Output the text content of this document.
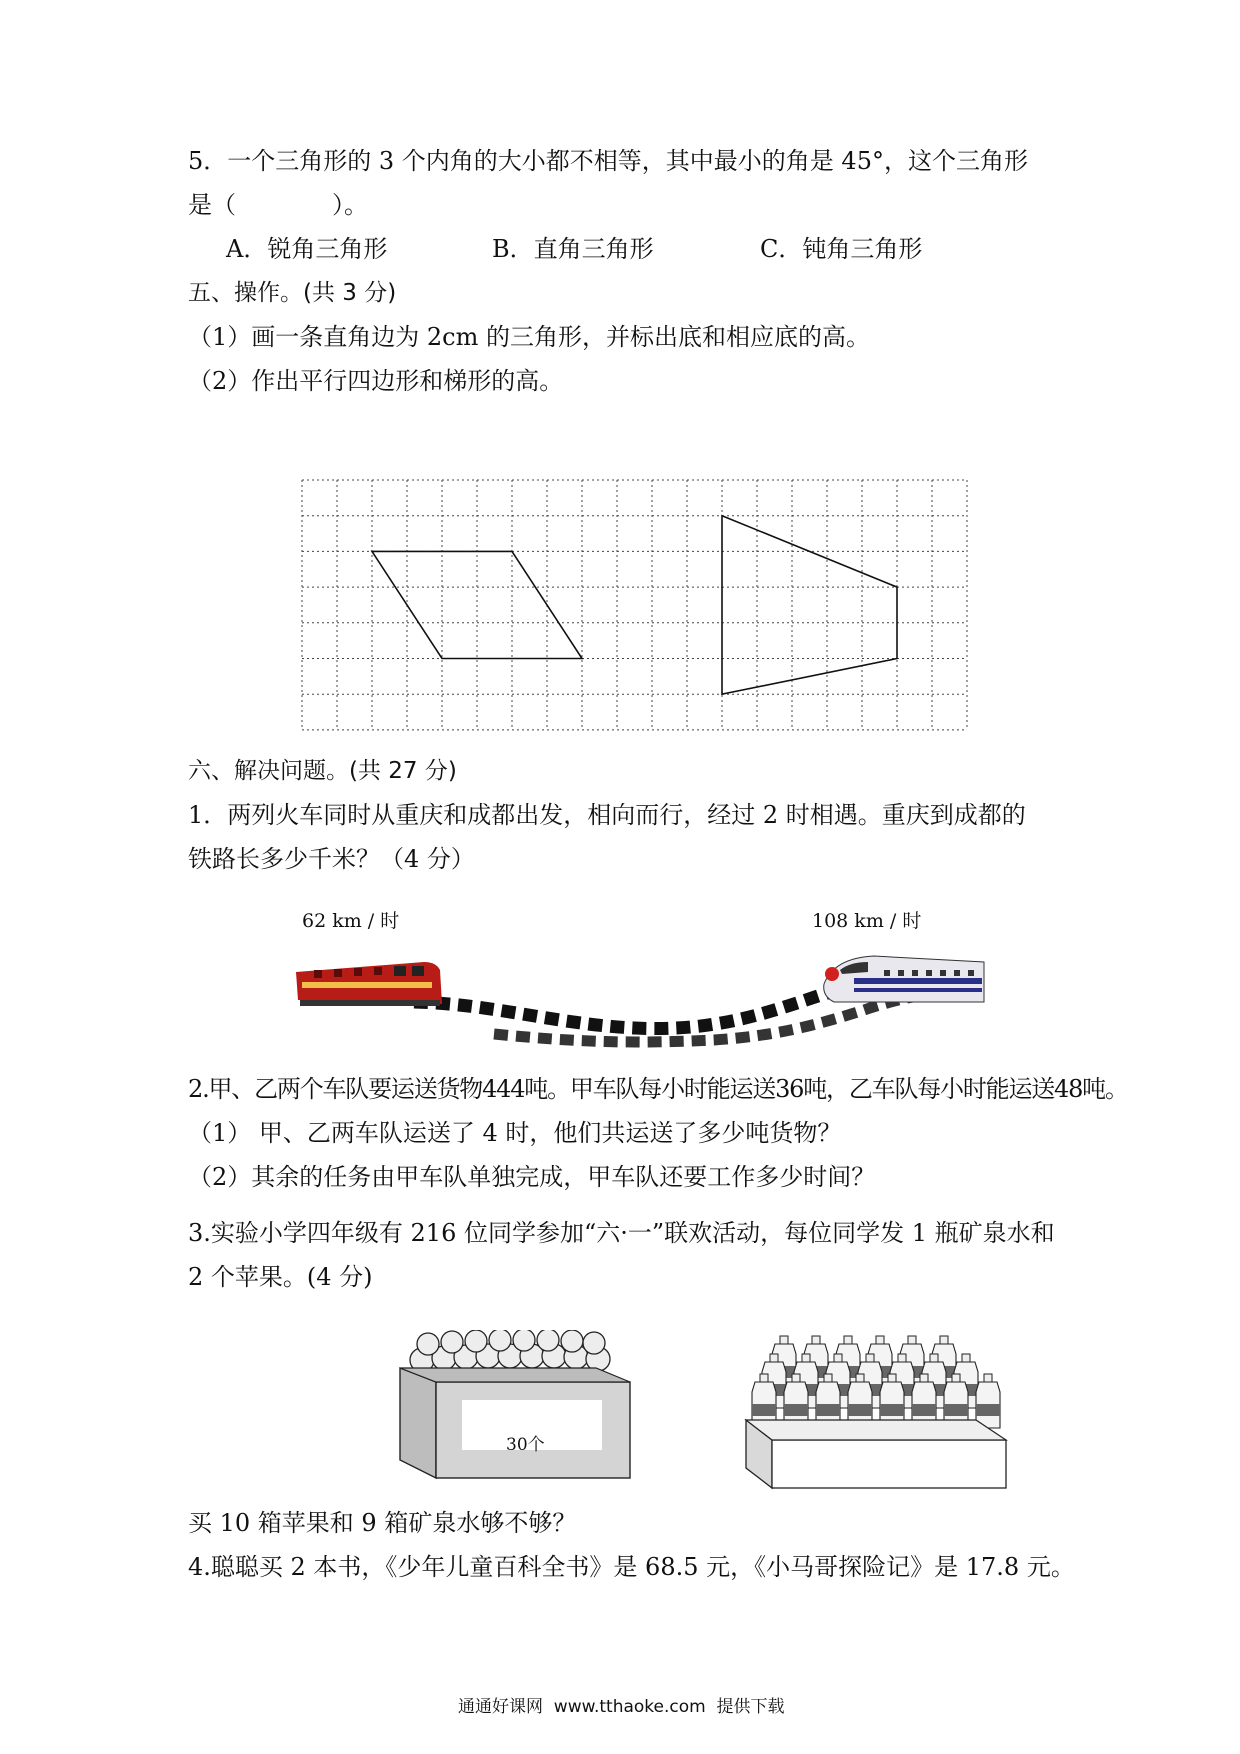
5．一个三角形的 3 个内角的大小都不相等，其中最小的角是 45°，这个三角形
是（　　　　）。
A．锐角三角形	B．直角三角形	C．钝角三角形
五、操作。(共 3 分)
（1）画一条直角边为 2cm 的三角形，并标出底和相应底的高。
（2）作出平行四边形和梯形的高。
六、解决问题。(共 27 分)
1．两列火车同时从重庆和成都出发，相向而行，经过 2 时相遇。重庆到成都的
铁路长多少千米？（4 分）
62 km / 时	108 km / 时
2.甲、乙两个车队要运送货物444吨。甲车队每小时能运送36吨，乙车队每小时能运送48吨。
（1） 甲、乙两车队运送了 4 时，他们共运送了多少吨货物？
（2）其余的任务由甲车队单独完成，甲车队还要工作多少时间？
3.实验小学四年级有 216 位同学参加“六·一”联欢活动，每位同学发 1 瓶矿泉水和
2 个苹果。(4 分)
30个
买 10 箱苹果和 9 箱矿泉水够不够？
4.聪聪买 2 本书，《少年儿童百科全书》是 68.5 元，《小马哥探险记》是 17.8 元。
通通好课网  www.tthaoke.com  提供下载
